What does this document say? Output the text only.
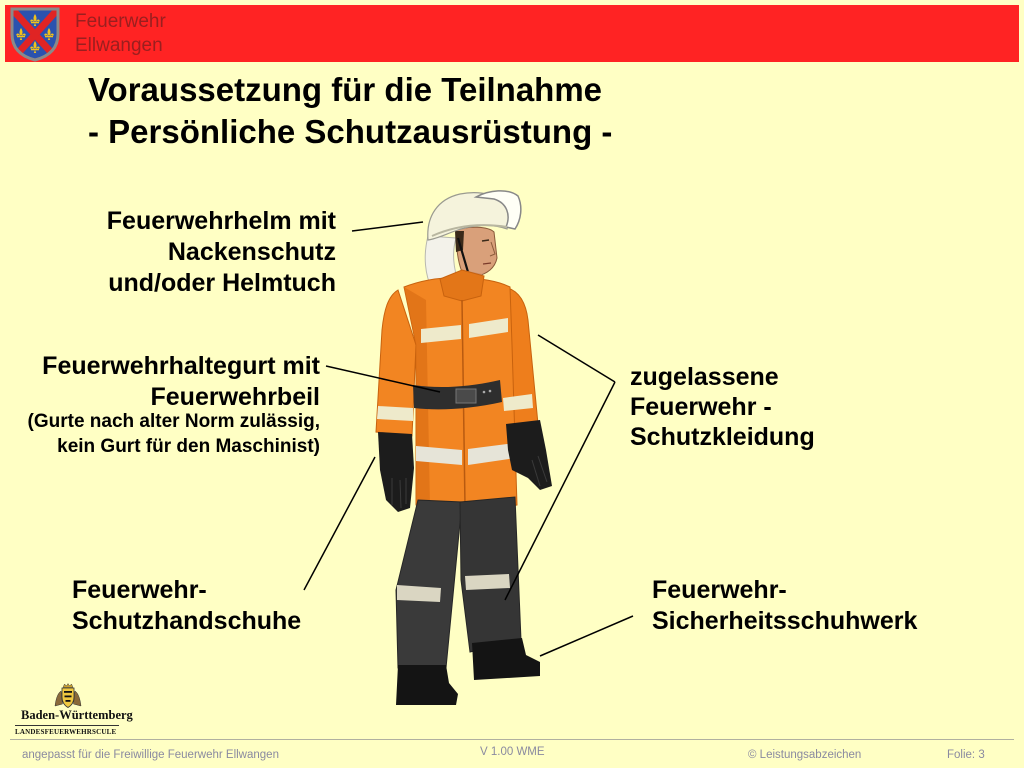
Feuerwehr
Ellwangen
Voraussetzung für die Teilnahme
- Persönliche Schutzausrüstung -
Feuerwehrhelm mit
Nackenschutz
und/oder Helmtuch
Feuerwehrhaltegurt mit
Feuerwehrbeil
(Gurte nach alter Norm zulässig,
kein Gurt für den Maschinist)
zugelassene
Feuerwehr -
Schutzkleidung
Feuerwehr-
Schutzhandschuhe
Feuerwehr-
Sicherheitsschuhwerk
Baden-Württemberg
LANDESFEUERWEHRSCULE
angepasst für die Freiwillige Feuerwehr Ellwangen	V 1.00 WME	© Leistungsabzeichen	Folie: 3
